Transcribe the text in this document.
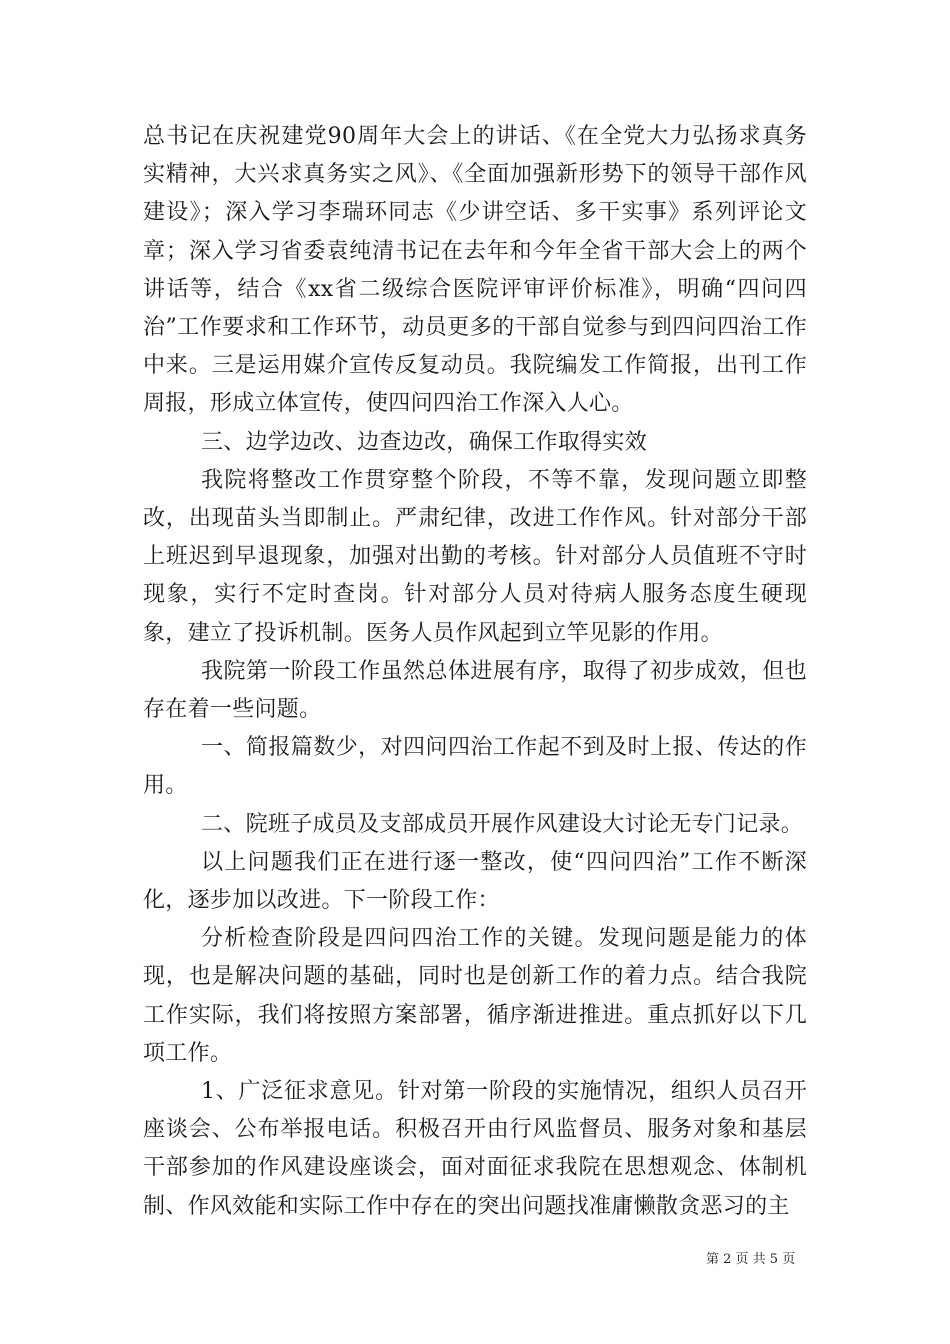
总书记在庆祝建党90周年大会上的讲话、《在全党大力弘扬求真务实精神，大兴求真务实之风》、《全面加强新形势下的领导干部作风建设》；深入学习李瑞环同志《少讲空话、多干实事》系列评论文章；深入学习省委袁纯清书记在去年和今年全省干部大会上的两个讲话等，结合《xx省二级综合医院评审评价标准》，明确“四问四治”工作要求和工作环节，动员更多的干部自觉参与到四问四治工作中来。三是运用媒介宣传反复动员。我院编发工作简报，出刊工作周报，形成立体宣传，使四问四治工作深入人心。

三、边学边改、边查边改，确保工作取得实效

我院将整改工作贯穿整个阶段，不等不靠，发现问题立即整改，出现苗头当即制止。严肃纪律，改进工作作风。针对部分干部上班迟到早退现象，加强对出勤的考核。针对部分人员值班不守时现象，实行不定时查岗。针对部分人员对待病人服务态度生硬现象，建立了投诉机制。医务人员作风起到立竿见影的作用。

我院第一阶段工作虽然总体进展有序，取得了初步成效，但也存在着一些问题。

一、简报篇数少，对四问四治工作起不到及时上报、传达的作用。

二、院班子成员及支部成员开展作风建设大讨论无专门记录。

以上问题我们正在进行逐一整改，使“四问四治”工作不断深化，逐步加以改进。下一阶段工作：

分析检查阶段是四问四治工作的关键。发现问题是能力的体现，也是解决问题的基础，同时也是创新工作的着力点。结合我院工作实际，我们将按照方案部署，循序渐进推进。重点抓好以下几项工作。

1、广泛征求意见。针对第一阶段的实施情况，组织人员召开座谈会、公布举报电话。积极召开由行风监督员、服务对象和基层干部参加的作风建设座谈会，面对面征求我院在思想观念、体制机制、作风效能和实际工作中存在的突出问题找准庸懒散贪恶习的主

第 2 页 共 5 页
